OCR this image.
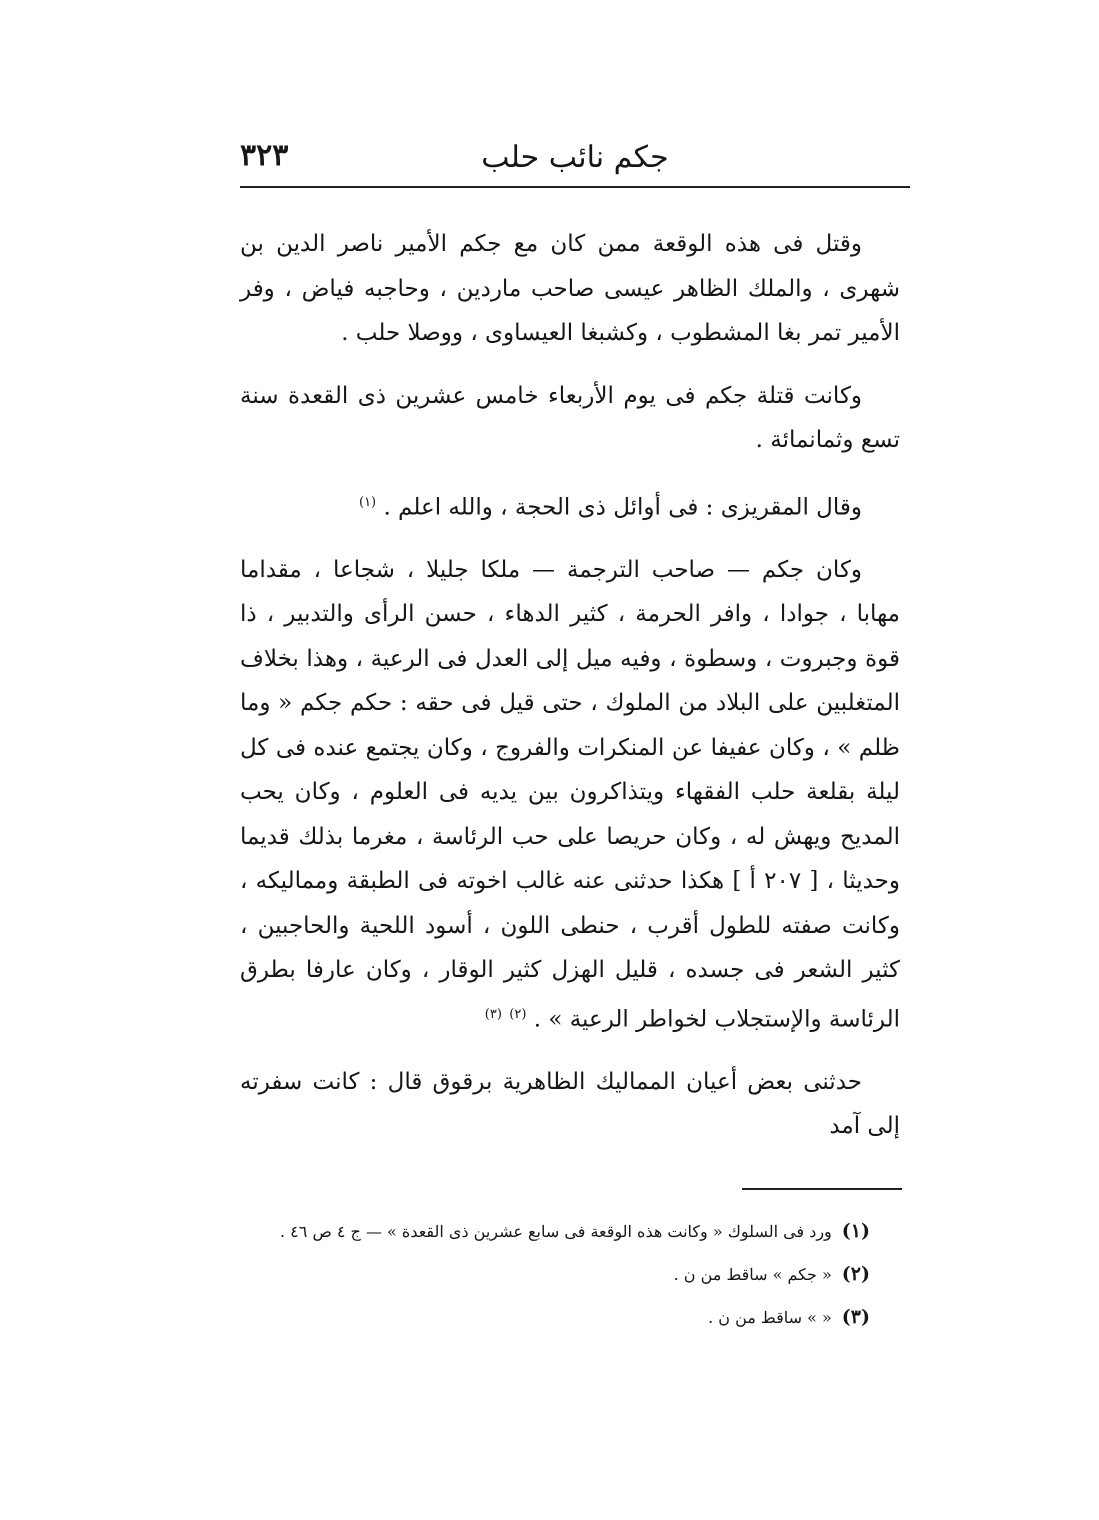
٣٢٣	جكم نائب حلب

وقتل فى هذه الوقعة ممن كان مع جكم الأمير ناصر الدين بن شهرى ، والملك الظاهر عيسى صاحب ماردين ، وحاجبه فياض ، وفر الأمير تمر بغا المشطوب ، وكشبغا العيساوى ، ووصلا حلب .

وكانت قتلة جكم فى يوم الأربعاء خامس عشرين ذى القعدة سنة تسع وثمانمائة .

وقال المقريزى : فى أوائل ذى الحجة ، والله اعلم . $^{(١)}$

وكان جكم — صاحب الترجمة — ملكا جليلا ، شجاعا ، مقداما مهابا ، جوادا ، وافر الحرمة ، كثير الدهاء ، حسن الرأى والتدبير ، ذا قوة وجبروت ، وسطوة ، وفيه ميل إلى العدل فى الرعية ، وهذا بخلاف المتغلبين على البلاد من الملوك ، حتى قيل فى حقه : حكم جكم « وما ظلم » ، وكان عفيفا عن المنكرات والفروج ، وكان يجتمع عنده فى كل ليلة بقلعة حلب الفقهاء ويتذاكرون بين يديه فى العلوم ، وكان يحب المديح ويهش له ، وكان حريصا على حب الرئاسة ، مغرما بذلك قديما وحديثا ، [ ٢٠٧ أ ] هكذا حدثنى عنه غالب اخوته فى الطبقة ومماليكه ، وكانت صفته للطول أقرب ، حنطى اللون ، أسود اللحية والحاجبين ، كثير الشعر فى جسده ، قليل الهزل كثير الوقار ، وكان عارفا بطرق الرئاسة والإستجلاب لخواطر الرعية » . $^{(٢)}$ $^{(٣)}$

حدثنى بعض أعيان المماليك الظاهرية برقوق قال : كانت سفرته إلى آمد

(١)ورد فى السلوك « وكانت هذه الوقعة فى سابع عشرين ذى القعدة » — ج ٤ ص ٤٦ .

(٢)« جكم » ساقط من ن .

(٣)« » ساقط من ن .
